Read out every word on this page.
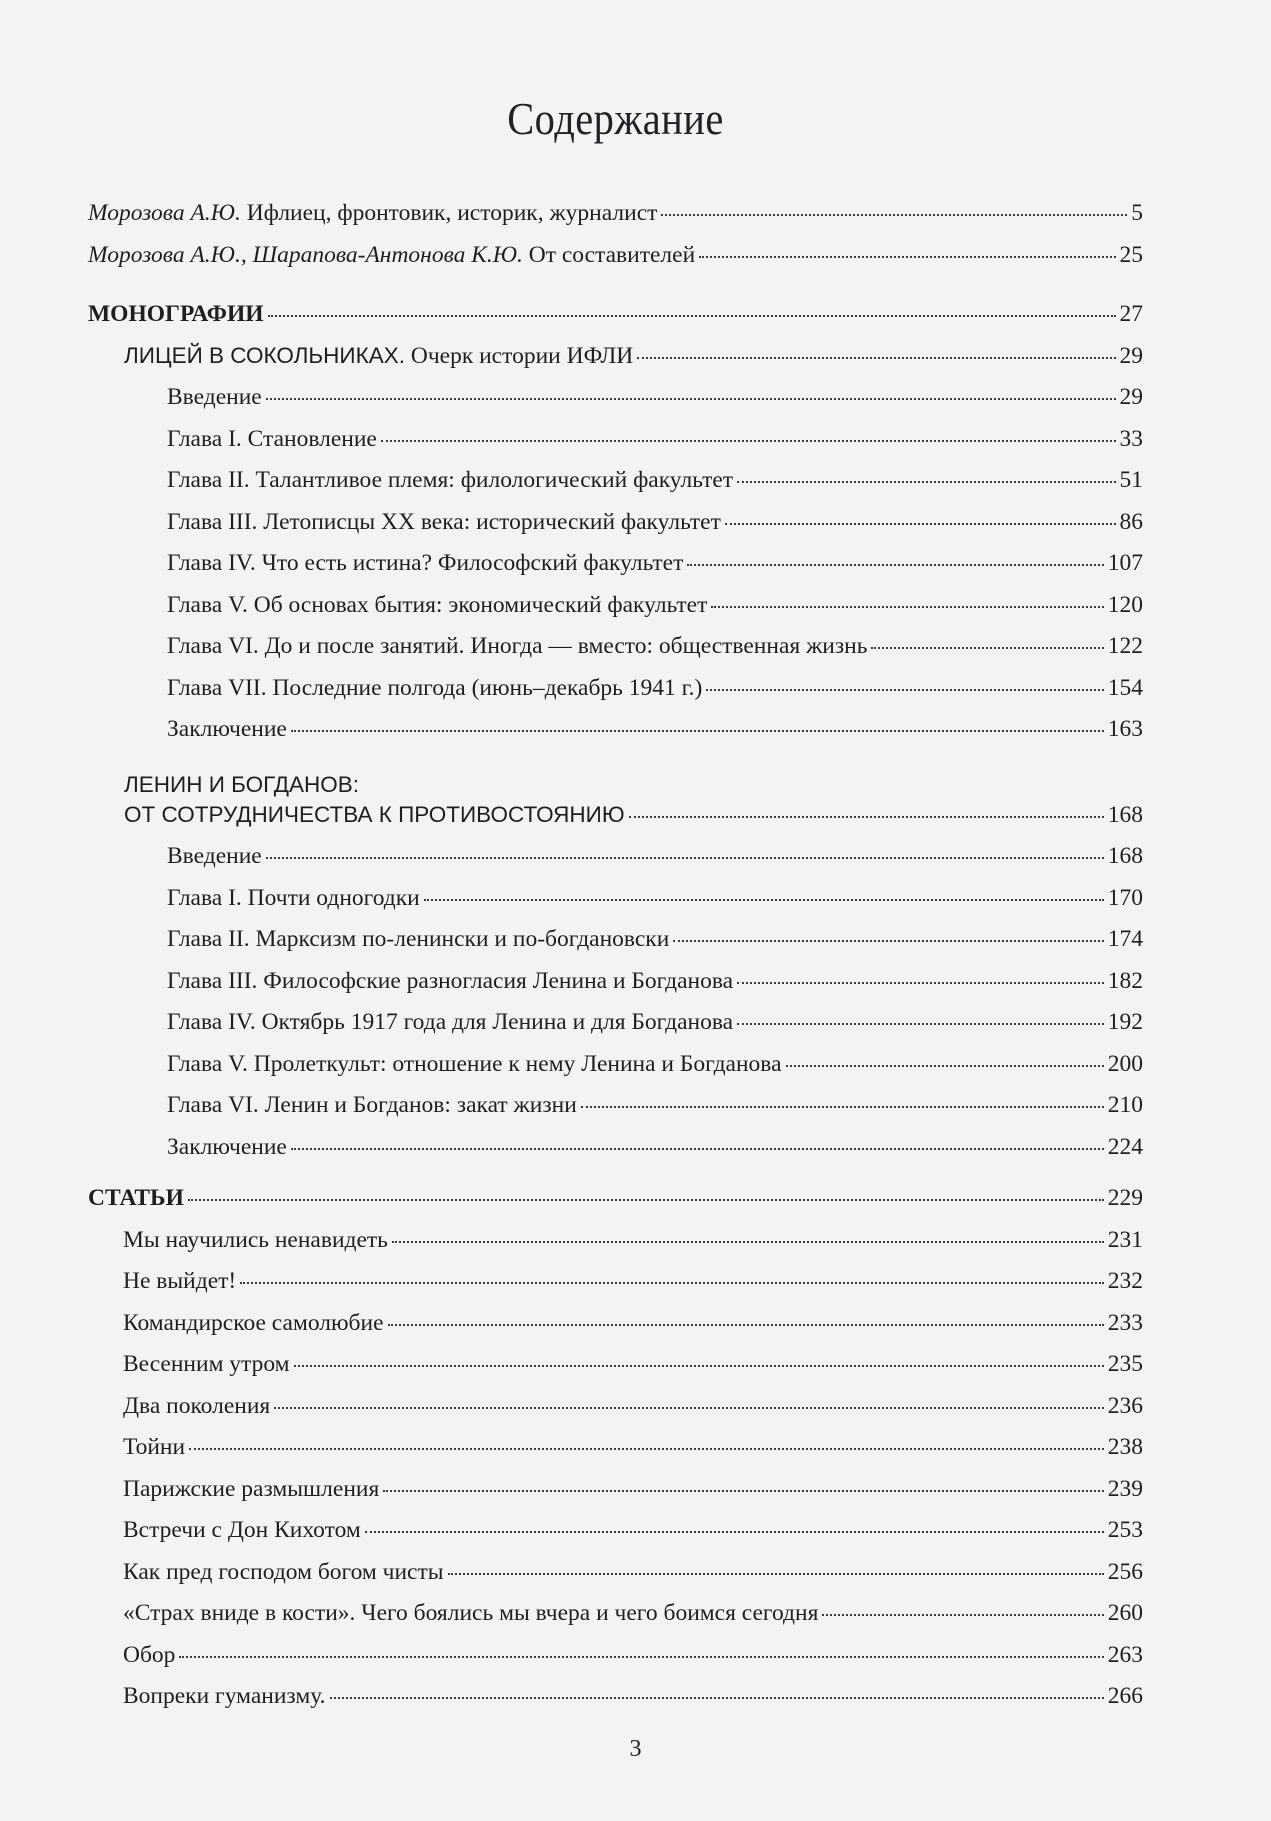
Содержание
Морозова А.Ю. Ифлиец, фронтовик, историк, журналист	5
Морозова А.Ю., Шарапова-Антонова К.Ю. От составителей	25
МОНОГРАФИИ	27
ЛИЦЕЙ В СОКОЛЬНИКАХ. Очерк истории ИФЛИ	29
Введение	29
Глава I. Становление	33
Глава II. Талантливое племя: филологический факультет	51
Глава III. Летописцы XX века: исторический факультет	86
Глава IV. Что есть истина? Философский факультет	107
Глава V. Об основах бытия: экономический факультет	120
Глава VI. До и после занятий. Иногда — вместо: общественная жизнь	122
Глава VII. Последние полгода (июнь–декабрь 1941 г.)	154
Заключение	163
ЛЕНИН И БОГДАНОВ:
ОТ СОТРУДНИЧЕСТВА К ПРОТИВОСТОЯНИЮ	168
Введение	168
Глава I. Почти одногодки	170
Глава II. Марксизм по-ленински и по-богдановски	174
Глава III. Философские разногласия Ленина и Богданова	182
Глава IV. Октябрь 1917 года для Ленина и для Богданова	192
Глава V. Пролеткульт: отношение к нему Ленина и Богданова	200
Глава VI. Ленин и Богданов: закат жизни	210
Заключение	224
СТАТЬИ	229
Мы научились ненавидеть	231
Не выйдет!	232
Командирское самолюбие	233
Весенним утром	235
Два поколения	236
Тойни	238
Парижские размышления	239
Встречи с Дон Кихотом	253
Как пред господом богом чисты	256
«Страх вниде в кости». Чего боялись мы вчера и чего боимся сегодня	260
Обор	263
Вопреки гуманизму.	266
3
